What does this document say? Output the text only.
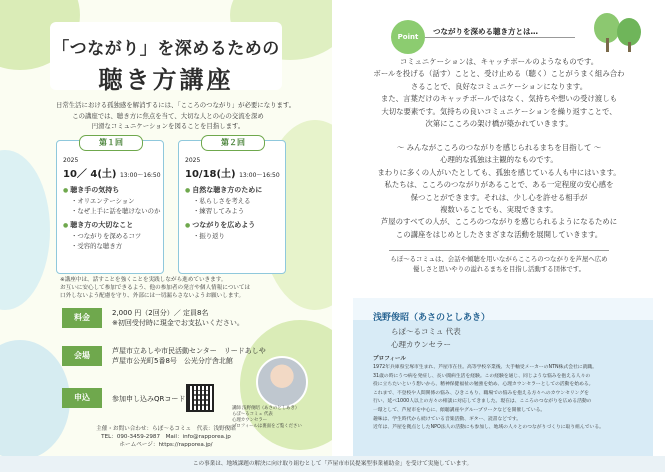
「つながり」を深めるための
聴き方講座
日常生活における孤独感を解消するには、「こころのつながり」が必要になります。
この講座では、聴き方に焦点を当て、大切な人との心の交流を深め
円滑なコミュニケーションを図ることを目指します。
第１回
2025
10／ 4(土) 13:00～16:50
● 聴き手の気持ち
・オリエンテーション
・なぜ上手に話を聴けないのか
● 聴き方の大切なこと
・つながりを深めるコツ
・受容的な聴き方
第２回
2025
10/18(土) 13:00～16:50
● 自然な聴き方のために
・私らしさを考える
・練習してみよう
● つながりを広めよう
・振り返り
※講座中は、話すことを強くことを実践しながら進めていきます。
お互いに安心して参加できるよう、他の参加者の発言や個人情報については
口外しないよう配慮を守り、外部には一切漏らさないようお願いします。
料金	2,000 円（2回分）／ 定員8名
※初回受付時に現金でお支払いください。
会場	芦屋市立あしや市民活動センター　リードあしや
芦屋市公光町5番8号　公光分庁舎北館
申込	参加申し込みQRコード
講師 浅野俊昭（あさのとしあき）
らぽ～るコミュ 代表
心理カウンセラー
プロフィールは裏面をご覧ください
主催・お問い合わせ：らぽ～るコミュ　代表：浅野俊昭
TEL：090-3459-2987　Mail：info@rapporea.jp
ホームページ：https://rapporea.jp/
Point
つながりを深める聴き方とは…
コミュニケーションは、キャッチボールのようなものです。
ボールを投げる（話す）ことと、受け止める（聴く）ことがうまく組み合わ
さることで、良好なコミュニケーションになります。
また、言葉だけのキャッチボールではなく、気持ちや想いの受け渡しも
大切な要素です。気持ちの良いコミュニケーションを繰り返すことで、
次第にこころの架け橋が築かれていきます。
～ みんながこころのつながりを感じられるまちを目指して ～
心理的な孤独は主観的なものです。
まわりに多くの人がいたとしても、孤独を感じている人も中にはいます。
私たちは、こころのつながりがあることで、ある一定程度の安心感を
保つことができます。それは、少し心を許せる相手が
複数いることでも、実現できます。
芦屋のすべての人が、こころのつながりを感じられるようになるために
この講座をはじめとしたさまざまな活動を展開していきます。
らぽ～るコミュは、会話や傾聴を用いながらこころのつながりを芦屋へ広め
優しさと思いやりの溢れるまちを目指し活動する団体です。
浅野俊昭（あさのとしあき）
らぽ～るコミュ 代表
心理カウンセラー
プロフィール
1972年兵庫県宝塚市生まれ、芦屋市在住。高等学校卒業後、大手軸受メーカーのNTN株式会社に就職。
31歳の時にうつ病を発症し、長い闘病生活を経験。この経験を通じ、同じような悩みを抱える人々の
役に立ちたいという想いから、精神保健福祉の勉強を始め、心理カウンセラーとしての活動を始める。
これまで、不登校や人間関係の悩み、ひきこもり、職場での悩みを抱える方々へのカウンセリングを
行い、延べ1000人以上の方々の相談に対応してきました。現在は、こころのつながりを広める活動の
一環として、芦屋市を中心に、傾聴講座やグループワークなどを開催している。
趣味は、学生時代から続けている音楽活動、ギター、読書などです。
近年は、芦屋を拠点としたNPO法人の活動にも参加し、地域の人々とのつながりづくりに取り組んでいる。
この事業は、地域課題の解決に向け取り組むとして「芦屋市市民提案型事業補助金」を受けて実施しています。
